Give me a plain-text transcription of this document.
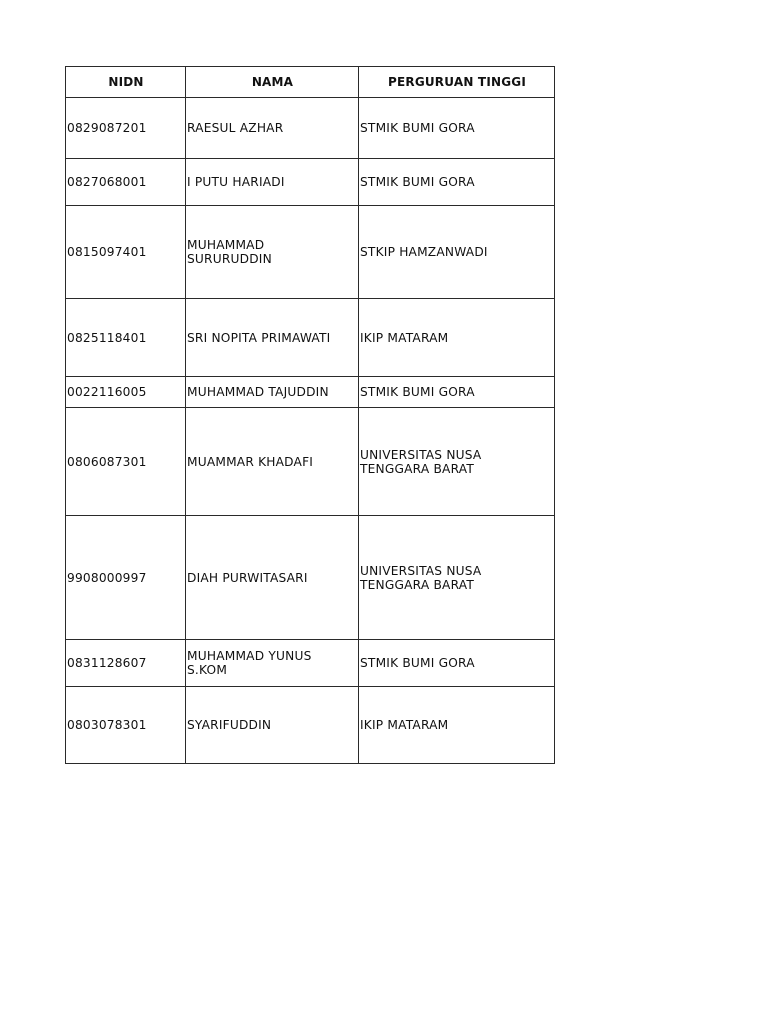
NIDN	NAMA	PERGURUAN TINGGI
0829087201	RAESUL AZHAR	STMIK BUMI GORA
0827068001	I PUTU HARIADI	STMIK BUMI GORA
0815097401	MUHAMMAD SURURUDDIN	STKIP HAMZANWADI
0825118401	SRI NOPITA PRIMAWATI	IKIP MATARAM
0022116005	MUHAMMAD TAJUDDIN	STMIK BUMI GORA
0806087301	MUAMMAR KHADAFI	UNIVERSITAS NUSA TENGGARA BARAT
9908000997	DIAH PURWITASARI	UNIVERSITAS NUSA TENGGARA BARAT
0831128607	MUHAMMAD YUNUS S.KOM	STMIK BUMI GORA
0803078301	SYARIFUDDIN	IKIP MATARAM
